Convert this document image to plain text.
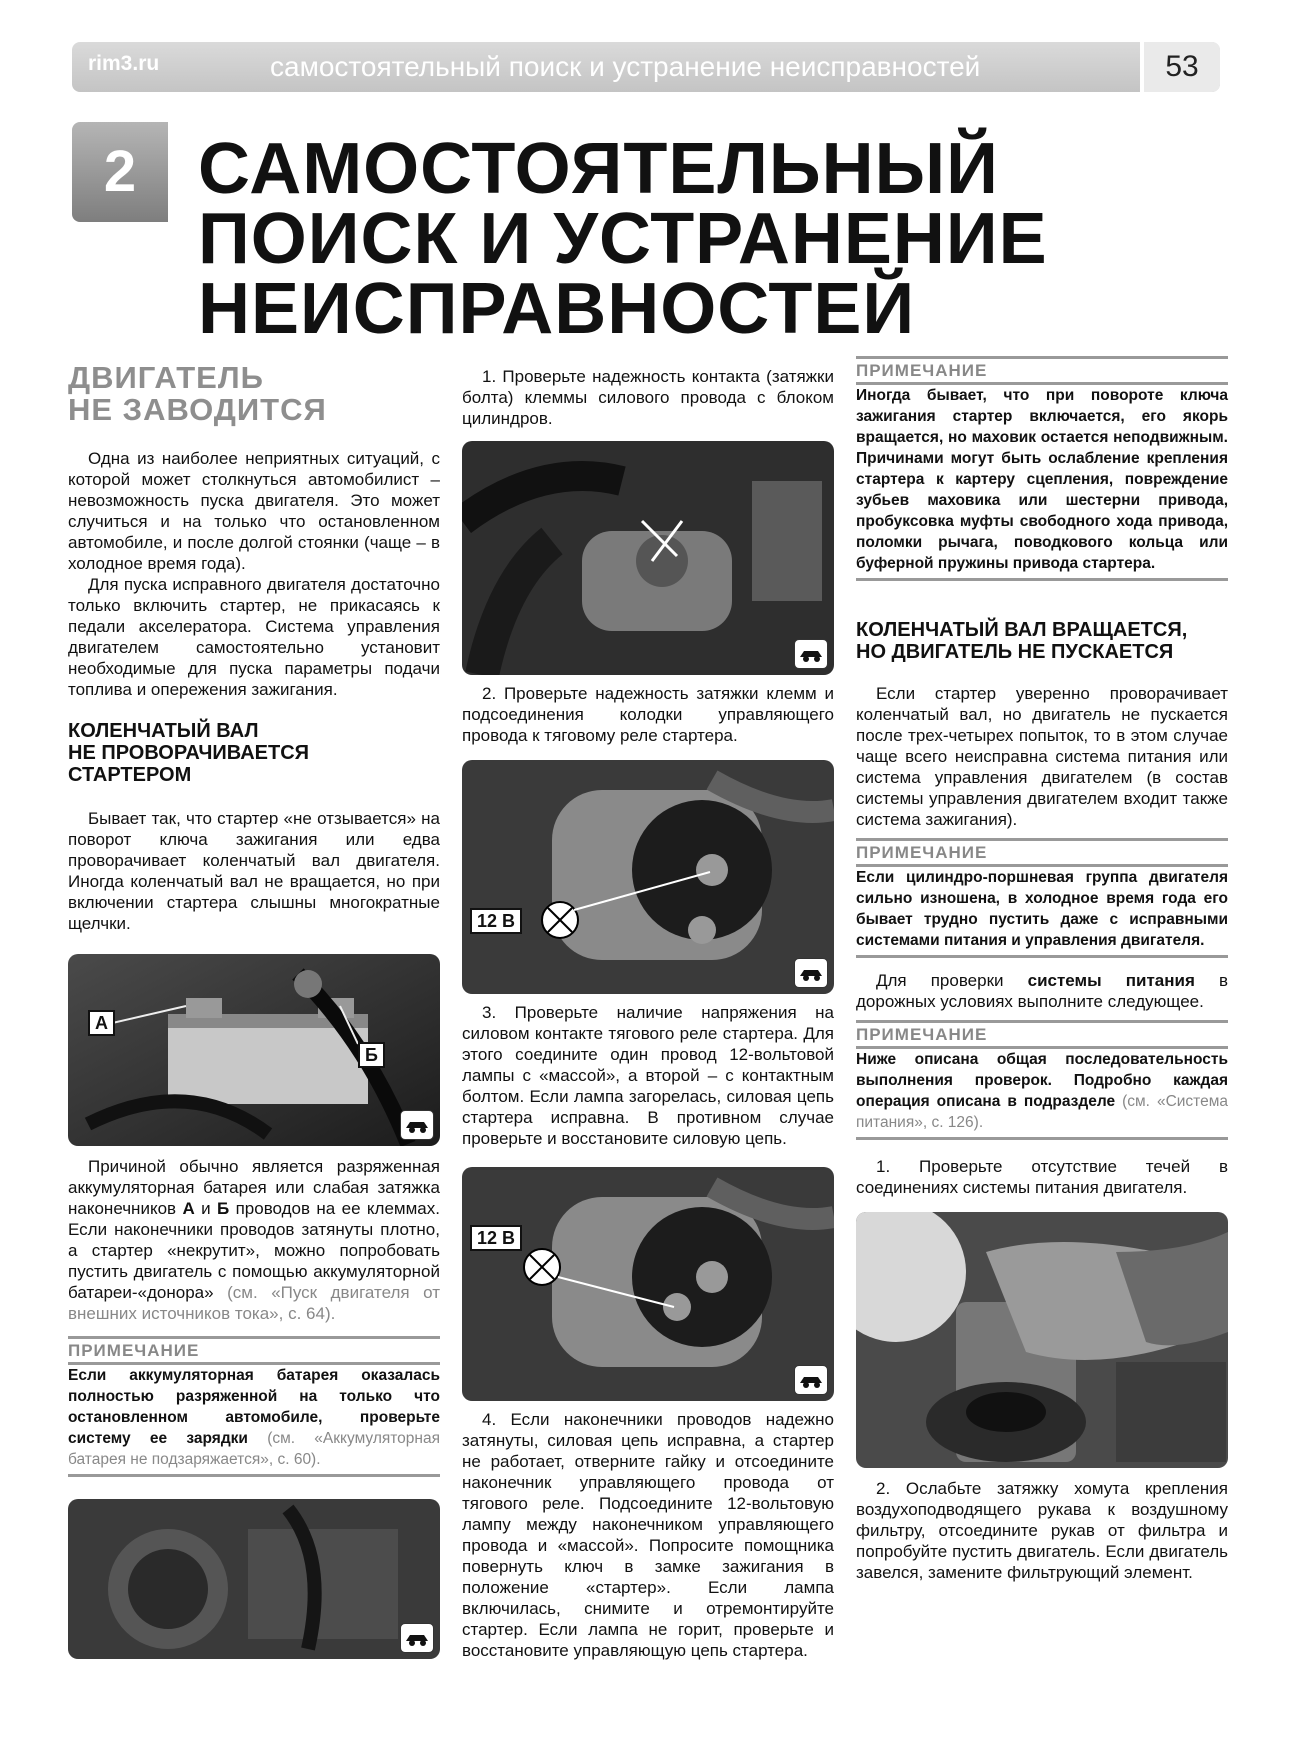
rim3.ru	самостоятельный поиск и устранение неисправностей	53
2 САМОСТОЯТЕЛЬНЫЙ
ПОИСК И УСТРАНЕНИЕ
НЕИСПРАВНОСТЕЙ
ДВИГАТЕЛЬ
НЕ ЗАВОДИТСЯ

Одна из наиболее неприятных ситуаций, с которой может столкнуться автомобилист – невозможность пуска двигателя. Это может случиться и на только что остановленном автомобиле, и после долгой стоянки (чаще – в холодное время года).

Для пуска исправного двигателя достаточно только включить стартер, не прикасаясь к педали акселератора. Система управления двигателем самостоятельно установит необходимые для пуска параметры подачи топлива и опережения зажигания.

КОЛЕНЧАТЫЙ ВАЛ
НЕ ПРОВОРАЧИВАЕТСЯ
СТАРТЕРОМ

Бывает так, что стартер «не отзывается» на поворот ключа зажигания или едва проворачивает коленчатый вал двигателя. Иногда коленчатый вал не вращается, но при включении стартера слышны многократные щелчки.

А
Б

Причиной обычно является разряженная аккумуляторная батарея или слабая затяжка наконечников А и Б проводов на ее клеммах. Если наконечники проводов затянуты плотно, а стартер «некрутит», можно попробовать пустить двигатель с помощью аккумуляторной батареи-«донора» (см. «Пуск двигателя от внешних источников тока», с. 64).

ПРИМЕЧАНИЕ

Если аккумуляторная батарея оказалась полностью разряженной на только что остановленном автомобиле, проверьте систему ее зарядки (см. «Аккумуляторная батарея не подзаряжается», с. 60).

1. Проверьте надежность контакта (затяжки болта) клеммы силового провода с блоком цилиндров.

2. Проверьте надежность затяжки клемм и подсоединения колодки управляющего провода к тяговому реле стартера.

12 В

3. Проверьте наличие напряжения на силовом контакте тягового реле стартера. Для этого соедините один провод 12-вольтовой лампы с «массой», а второй – с контактным болтом. Если лампа загорелась, силовая цепь стартера исправна. В противном случае проверьте и восстановите силовую цепь.

12 В

4. Если наконечники проводов надежно затянуты, силовая цепь исправна, а стартер не работает, отверните гайку и отсоедините наконечник управляющего провода от тягового реле. Подсоедините 12-вольтовую лампу между наконечником управляющего провода и «массой». Попросите помощника повернуть ключ в замке зажигания в положение «стартер». Если лампа включилась, снимите и отремонтируйте стартер. Если лампа не горит, проверьте и восстановите управляющую цепь стартера.

ПРИМЕЧАНИЕ

Иногда бывает, что при повороте ключа зажигания стартер включается, его якорь вращается, но маховик остается неподвижным. Причинами могут быть ослабление крепления стартера к картеру сцепления, повреждение зубьев маховика или шестерни привода, пробуксовка муфты свободного хода привода, поломки рычага, поводкового кольца или буферной пружины привода стартера.

КОЛЕНЧАТЫЙ ВАЛ ВРАЩАЕТСЯ,
НО ДВИГАТЕЛЬ НЕ ПУСКАЕТСЯ

Если стартер уверенно проворачивает коленчатый вал, но двигатель не пускается после трех-четырех попыток, то в этом случае чаще всего неисправна система питания или система управления двигателем (в состав системы управления двигателем входит также система зажигания).

ПРИМЕЧАНИЕ

Если цилиндро-поршневая группа двигателя сильно изношена, в холодное время года его бывает трудно пустить даже с исправными системами питания и управления двигателя.

Для проверки системы питания в дорожных условиях выполните следующее.

ПРИМЕЧАНИЕ

Ниже описана общая последовательность выполнения проверок. Подробно каждая операция описана в подразделе (см. «Система питания», с. 126).

1. Проверьте отсутствие течей в соединениях системы питания двигателя.

2. Ослабьте затяжку хомута крепления воздухоподводящего рукава к воздушному фильтру, отсоедините рукав от фильтра и попробуйте пустить двигатель. Если двигатель завелся, замените фильтрующий элемент.
